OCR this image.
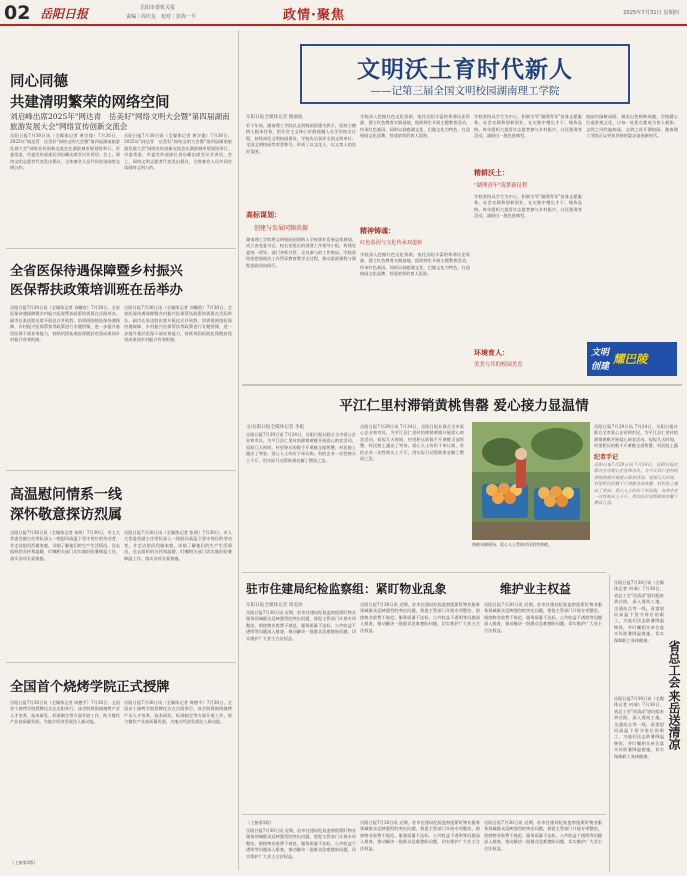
02 岳阳日报	岳阳市委机关报
责编｜周庆友　校对｜彭海一平	政情·聚焦	2025年7月31日 星期四
同心同德
共建清明繁荣的网络空间
刘启峰出席2025年"网达青　岳美好"网络文明大会暨"第四届湖南旅游发展大会"网络宣传创新交流会
岳阳日报7月30日讯（全媒体记者 黄学俊）7月30日，2025年"网达青　岳美好"网络文明大会暨"第四届湖南旅游发展大会"网络宣传创新交流会在湖滨城市规划馆举行。市委常委、市委宣传部部长刘启峰出席会议并讲话。会上，网络文明志愿者代表发出倡议，全体参会人员共同宣读网络文明公约。
岳阳日报7月30日讯（全媒体记者 黄学俊）7月30日，2025年"网达青　岳美好"网络文明大会暨"第四届湖南旅游发展大会"网络宣传创新交流会在湖滨城市规划馆举行。市委常委、市委宣传部部长刘启峰出席会议并讲话。会上，网络文明志愿者代表发出倡议，全体参会人员共同宣读网络文明公约。
全省医保待遇保障暨乡村振兴
医保帮扶政策培训班在岳举办
岳阳日报7月30日讯（全媒体记者 刘璐欧）7月30日，全省医保待遇保障暨乡村振兴医保帮扶政策培训班在岳阳举办。副市长张达胜出席开班仪式并致辞。培训班围绕医保待遇保障、乡村振兴医保帮扶等政策进行专题授课，进一步提升基层医保干部业务能力，持续巩固拓展医保脱贫攻坚成果同乡村振兴有效衔接。
岳阳日报7月30日讯（全媒体记者 刘璐欧）7月30日，全省医保待遇保障暨乡村振兴医保帮扶政策培训班在岳阳举办。副市长张达胜出席开班仪式并致辞。培训班围绕医保待遇保障、乡村振兴医保帮扶等政策进行专题授课，进一步提升基层医保干部业务能力，持续巩固拓展医保脱贫攻坚成果同乡村振兴有效衔接。
高温慰问情系一线
深怀敬意探访烈属
岳阳日报7月30日讯（全媒体记者 张明）7月30日，市人大常委会副主任带队深入一线慰问高温下坚守岗位的劳动者，并走访慰问烈属家庭，详细了解他们的生产生活情况，送去组织的关怀和温暖，叮嘱相关部门切实做好防暑降温工作，落实各项关爱措施。
岳阳日报7月30日讯（全媒体记者 张明）7月30日，市人大常委会副主任带队深入一线慰问高温下坚守岗位的劳动者，并走访慰问烈属家庭，详细了解他们的生产生活情况，送去组织的关怀和温暖，叮嘱相关部门切实做好防暑降温工作，落实各项关爱措施。
全国首个烧烤学院正式授牌
岳阳日报7月30日讯（全媒体记者 周德平）7月30日，全国首个烧烤学院授牌仪式在岳阳举行。该学院将围绕烧烤产业人才培养、技术研发、标准制定等方面开展工作，助力餐饮产业高质量发展，为地方经济发展注入新动能。
岳阳日报7月30日讯（全媒体记者 周德平）7月30日，全国首个烧烤学院授牌仪式在岳阳举行。该学院将围绕烧烤产业人才培养、技术研发、标准制定等方面开展工作，助力餐饮产业高质量发展，为地方经济发展注入新动能。
（上接第1版）
文明沃土育时代新人
——记第三届全国文明校园湖南理工学院
岳阳日报全媒体记者 熊丽波
若干年间，湖南理工学院以文明校园创建为抓手，坚持立德树人根本任务，把社会主义核心价值观融入办学治校全过程，持续深化文明校园建设，学校先后获评全国文明单位、全国文明校园等荣誉称号，形成了以文化人、以文育人的良好氛围。
高标谋划：
创建与发展同频共振
湖南理工学院将文明校园创建纳入学校事业发展总体规划，成立由党委书记、校长任组长的创建工作领导小组，构建党委统一领导、部门齐抓共管、全员参与的工作格局。学校坚持把思想政治工作贯穿教育教学全过程，推动思政课程与课程思政同向同行。
学校深入挖掘红色文化资源，依托岳阳丰富的革命历史资源，建立红色教育实践基地，组织师生开展主题教育活动，传承红色基因。同时以洞庭湖文化、巴陵文化为特色，打造校园文化品牌，营造浓厚的育人氛围。
精神铸魂：
红色基因与文化传承双道驱
学校深入挖掘红色文化资源，依托岳阳丰富的革命历史资源，建立红色教育实践基地，组织师生开展主题教育活动，传承红色基因。同时以洞庭湖文化、巴陵文化为特色，打造校园文化品牌，营造浓厚的育人氛围。
学校坚持以学生为中心，积极引导"湖理青年"投身志愿服务、社会实践和创新创业，在实践中增长才干、锤炼品格。每年组织大批青年志愿者参与乡村振兴、社区服务等活动，涌现出一批先进典型。
精耕沃土：
"湖理青年"筑梦新征程
学校坚持以学生为中心，积极引导"湖理青年"投身志愿服务、社会实践和创新创业，在实践中增长才干、锤炼品格。每年组织大批青年志愿者参与乡村振兴、社区服务等活动，涌现出一批先进典型。
环境育人：
美美与共的校园美育
校园内绿树成荫，湖光山色相映成趣，学校精心打造景观文化，让每一处景点都成为育人载体。文明之风吹遍校园，文明之花开满校园，湖南理工学院正以更加昂扬的姿态奋进新时代。
文明
创建
耀巴陵
平江仁里村滞销黄桃售罄 爱心接力显温情
文/岳阳日报全媒体记者 李彪
岳阳日报7月29日讯 7月24日，岳阳日报社联合全市爱心企业和市民，为平江县仁里村的滞销黄桃开展爱心助农活动。短短几天时间，村里积压的数千斤黄桃全部售罄，村民脸上露出了笑容。爱心人士纷纷下单认购，有的企业一次性购买上千斤，用实际行动帮助果农解了燃眉之急。
岳阳日报7月29日讯 7月24日，岳阳日报社联合全市爱心企业和市民，为平江县仁里村的滞销黄桃开展爱心助农活动。短短几天时间，村里积压的数千斤黄桃全部售罄，村民脸上露出了笑容。爱心人士纷纷下单认购，有的企业一次性购买上千斤，用实际行动帮助果农解了燃眉之急。
黄桃采摘现场，爱心人士帮助村民销售黄桃。
岳阳日报7月29日讯 7月24日，岳阳日报社联合全市爱心企业和市民，为平江县仁里村的滞销黄桃开展爱心助农活动。短短几天时间，村里积压的数千斤黄桃全部售罄，村民脸上露
纪者手记
岳阳日报7月29日讯 7月24日，岳阳日报社联合全市爱心企业和市民，为平江县仁里村的滞销黄桃开展爱心助农活动。短短几天时间，村里积压的数千斤黄桃全部售罄，村民脸上露出了笑容。爱心人士纷纷下单认购，有的企业一次性购买上千斤，用实际行动帮助果农解了燃眉之急。
驻市住建局纪检监察组：紧盯物业乱象	维护业主权益
岳阳日报全媒体记者 周美珍
岳阳日报7月30日讯 近期，驻市住建局纪检监察组紧盯物业服务领域群众反映强烈的突出问题，督促主管部门开展专项整治，围绕物业收费不规范、服务质量不达标、公共收益不透明等问题深入排查，推动解决一批群众急难愁盼问题，切实维护广大业主合法权益。
岳阳日报7月30日讯 近期，驻市住建局纪检监察组紧盯物业服务领域群众反映强烈的突出问题，督促主管部门开展专项整治，围绕物业收费不规范、服务质量不达标、公共收益不透明等问题深入排查，推动解决一批群众急难愁盼问题，切实维护广大业主合法权益。
岳阳日报7月30日讯 近期，驻市住建局纪检监察组紧盯物业服务领域群众反映强烈的突出问题，督促主管部门开展专项整治，围绕物业收费不规范、服务质量不达标、公共收益不透明等问题深入排查，推动解决一批群众急难愁盼问题，切实维护广大业主合法权益。
（上接第1版）
岳阳日报7月30日讯 近期，驻市住建局纪检监察组紧盯物业服务领域群众反映强烈的突出问题，督促主管部门开展专项整治，围绕物业收费不规范、服务质量不达标、公共收益不透明等问题深入排查，推动解决一批群众急难愁盼问题，切实维护广大业主合法权益。
岳阳日报7月30日讯 近期，驻市住建局纪检监察组紧盯物业服务领域群众反映强烈的突出问题，督促主管部门开展专项整治，围绕物业收费不规范、服务质量不达标、公共收益不透明等问题深入排查，推动解决一批群众急难愁盼问题，切实维护广大业主合法权益。
岳阳日报7月30日讯 近期，驻市住建局纪检监察组紧盯物业服务领域群众反映强烈的突出问题，督促主管部门开展专项整治，围绕物业收费不规范、服务质量不达标、公共收益不透明等问题深入排查，推动解决一批群众急难愁盼问题，切实维护广大业主合法权益。
岳阳日报7月30日讯（全媒体记者 何瑞）7月30日，省总工会"送清凉"慰问组来到岳阳，深入建筑工地、交通站点等一线，看望慰问高温下坚守岗位的职工，为他们送去防暑降温物资，并叮嘱相关单位落实好防暑降温措施，切实保障职工身体健康。	省总工会
来岳送清凉
岳阳日报7月30日讯（全媒体记者 何瑞）7月30日，省总工会"送清凉"慰问组来到岳阳，深入建筑工地、交通站点等一线，看望慰问高温下坚守岗位的职工，为他们送去防暑降温物资，并叮嘱相关单位落实好防暑降温措施，切实保障职工身体健康。
